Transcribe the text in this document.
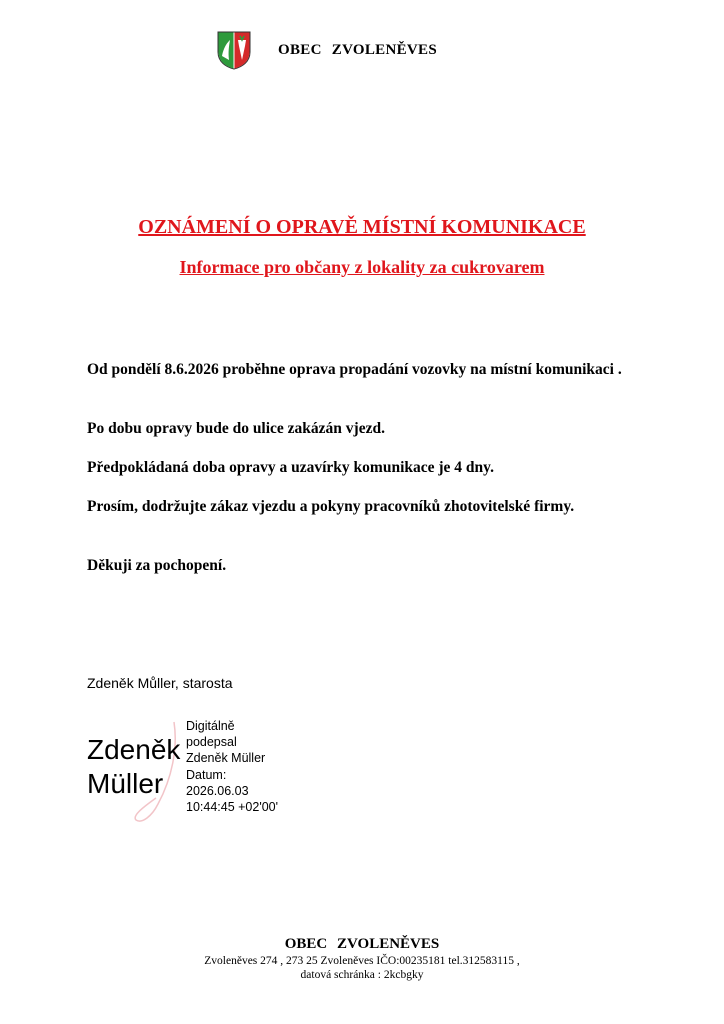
OBEC ZVOLENĚVES
OZNÁMENÍ O OPRAVĚ MÍSTNÍ KOMUNIKACE
Informace pro občany z lokality za cukrovarem
Od pondělí 8.6.2026 proběhne oprava propadání vozovky na místní komunikaci .
Po dobu opravy bude do ulice zakázán vjezd.
Předpokládaná doba opravy a uzavírky komunikace je 4 dny.
Prosím, dodržujte zákaz vjezdu a pokyny pracovníků zhotovitelské firmy.
Děkuji za pochopení.
Zdeněk Můller, starosta
Zdeněk
Müller
Digitálně
podepsal
Zdeněk Müller
Datum:
2026.06.03
10:44:45 +02'00'
OBEC ZVOLENĚVES
Zvoleněves 274 , 273 25 Zvoleněves IČO:00235181 tel.312583115 ,
datová schránka : 2kcbgky
